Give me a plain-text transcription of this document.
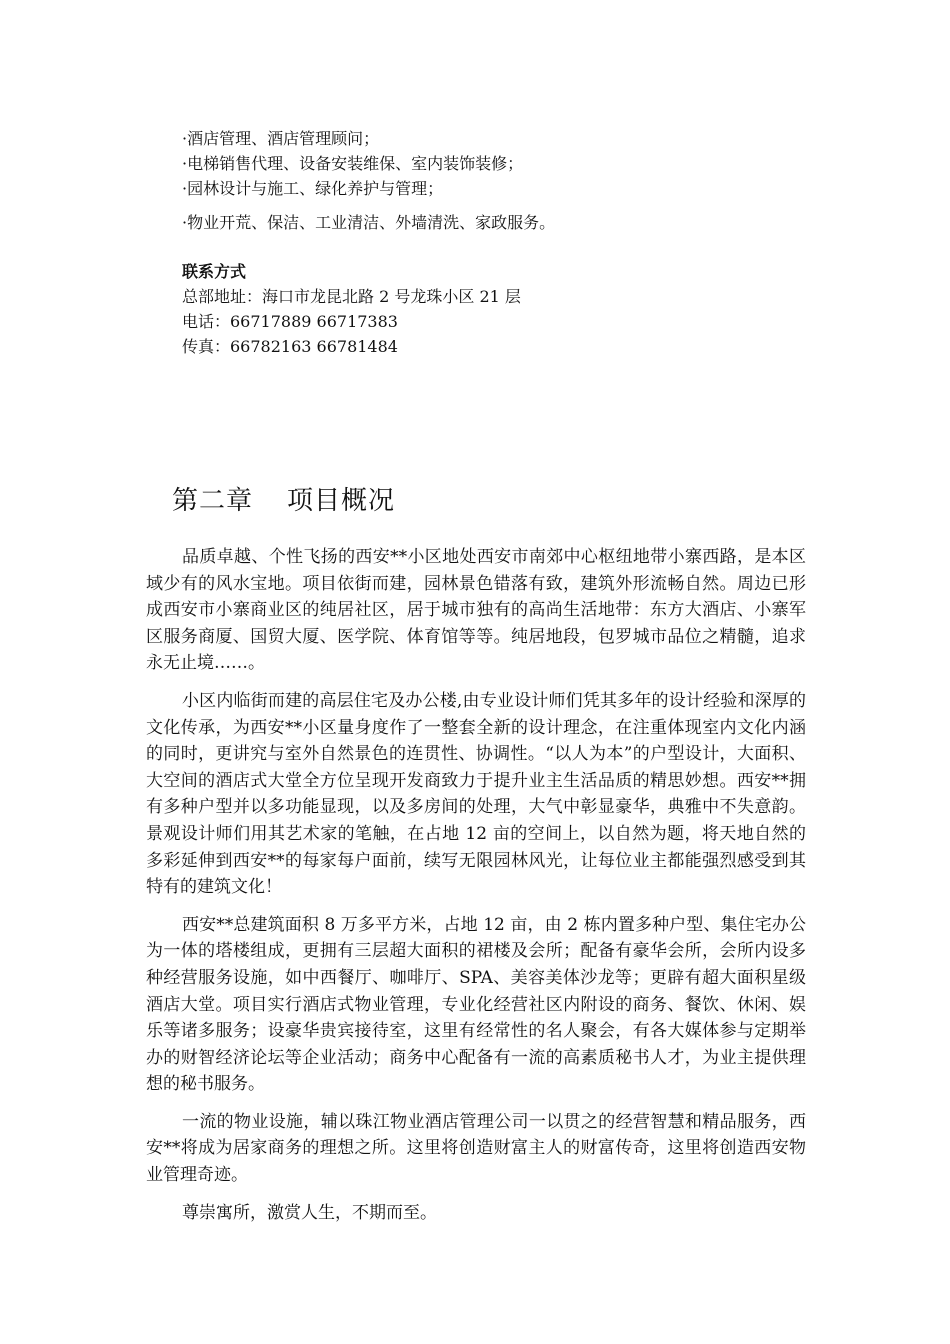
·酒店管理、酒店管理顾问；

·电梯销售代理、设备安装维保、室内装饰装修；

·园林设计与施工、绿化养护与管理；

·物业开荒、保洁、工业清洁、外墙清洗、家政服务。

联系方式

总部地址：海口市龙昆北路 2 号龙珠小区 21 层

电话：66717889 66717383

传真：66782163 66781484

第二章 项目概况

品质卓越、个性飞扬的西安**小区地处西安市南郊中心枢纽地带小寨西路，是本区域少有的风水宝地。项目依街而建，园林景色错落有致，建筑外形流畅自然。周边已形成西安市小寨商业区的纯居社区，居于城市独有的高尚生活地带：东方大酒店、小寨军区服务商厦、国贸大厦、医学院、体育馆等等。纯居地段，包罗城市品位之精髓，追求永无止境……。

小区内临街而建的高层住宅及办公楼,由专业设计师们凭其多年的设计经验和深厚的文化传承，为西安**小区量身度作了一整套全新的设计理念，在注重体现室内文化内涵的同时，更讲究与室外自然景色的连贯性、协调性。“以人为本”的户型设计，大面积、大空间的酒店式大堂全方位呈现开发商致力于提升业主生活品质的精思妙想。西安**拥有多种户型并以多功能显现，以及多房间的处理，大气中彰显豪华，典雅中不失意韵。景观设计师们用其艺术家的笔触，在占地 12 亩的空间上，以自然为题，将天地自然的多彩延伸到西安**的每家每户面前，续写无限园林风光，让每位业主都能强烈感受到其特有的建筑文化！

西安**总建筑面积 8 万多平方米，占地 12 亩，由 2 栋内置多种户型、集住宅办公为一体的塔楼组成，更拥有三层超大面积的裙楼及会所；配备有豪华会所，会所内设多种经营服务设施，如中西餐厅、咖啡厅、SPA、美容美体沙龙等；更辟有超大面积星级酒店大堂。项目实行酒店式物业管理，专业化经营社区内附设的商务、餐饮、休闲、娱乐等诸多服务；设豪华贵宾接待室，这里有经常性的名人聚会，有各大媒体参与定期举办的财智经济论坛等企业活动；商务中心配备有一流的高素质秘书人才，为业主提供理想的秘书服务。

一流的物业设施，辅以珠江物业酒店管理公司一以贯之的经营智慧和精品服务，西安**将成为居家商务的理想之所。这里将创造财富主人的财富传奇，这里将创造西安物业管理奇迹。

尊崇寓所，激赏人生，不期而至。
